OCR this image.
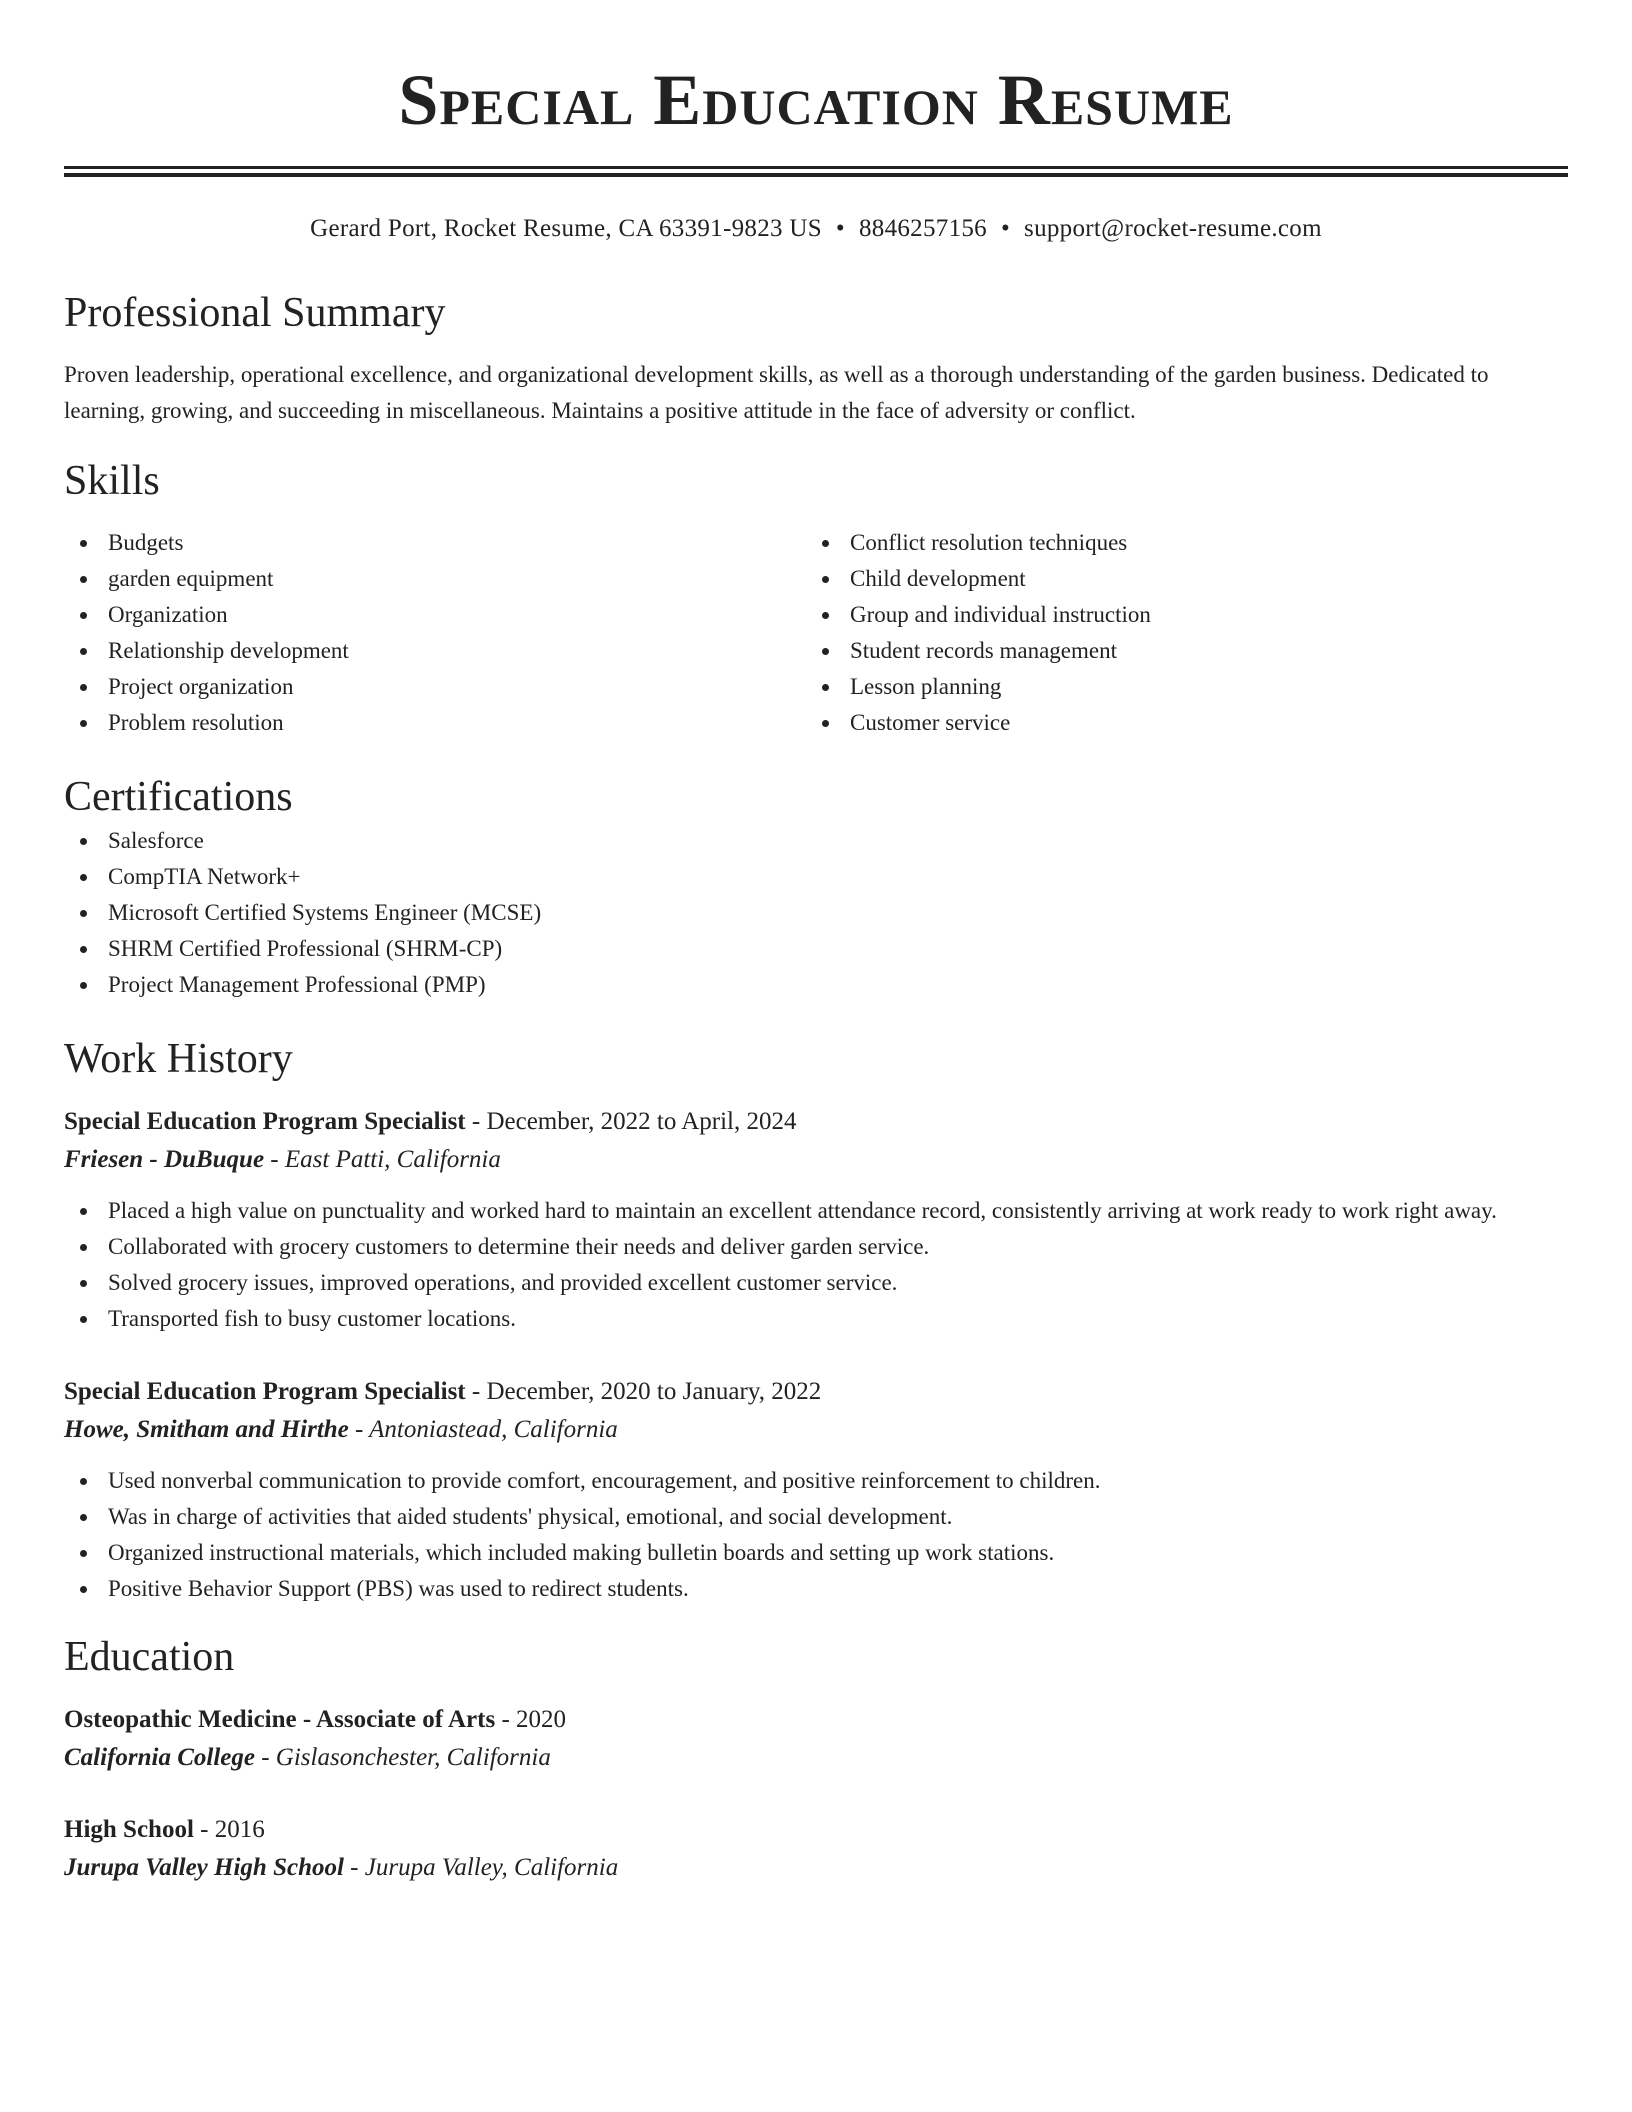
Special Education Resume
Gerard Port, Rocket Resume, CA 63391-9823 US • 8846257156 • support@rocket-resume.com
Professional Summary

Proven leadership, operational excellence, and organizational development skills, as well as a thorough understanding of the garden business. Dedicated to learning, growing, and succeeding in miscellaneous. Maintains a positive attitude in the face of adversity or conflict.

Skills
Budgets
garden equipment
Organization
Relationship development
Project organization
Problem resolution
Conflict resolution techniques
Child development
Group and individual instruction
Student records management
Lesson planning
Customer service
Certifications
Salesforce
CompTIA Network+
Microsoft Certified Systems Engineer (MCSE)
SHRM Certified Professional (SHRM-CP)
Project Management Professional (PMP)
Work History
Special Education Program Specialist - December, 2022 to April, 2024
Friesen - DuBuque - East Patti, California
Placed a high value on punctuality and worked hard to maintain an excellent attendance record, consistently arriving at work ready to work right away.
Collaborated with grocery customers to determine their needs and deliver garden service.
Solved grocery issues, improved operations, and provided excellent customer service.
Transported fish to busy customer locations.
Special Education Program Specialist - December, 2020 to January, 2022
Howe, Smitham and Hirthe - Antoniastead, California
Used nonverbal communication to provide comfort, encouragement, and positive reinforcement to children.
Was in charge of activities that aided students' physical, emotional, and social development.
Organized instructional materials, which included making bulletin boards and setting up work stations.
Positive Behavior Support (PBS) was used to redirect students.
Education
Osteopathic Medicine - Associate of Arts - 2020
California College - Gislasonchester, California
High School - 2016
Jurupa Valley High School - Jurupa Valley, California
